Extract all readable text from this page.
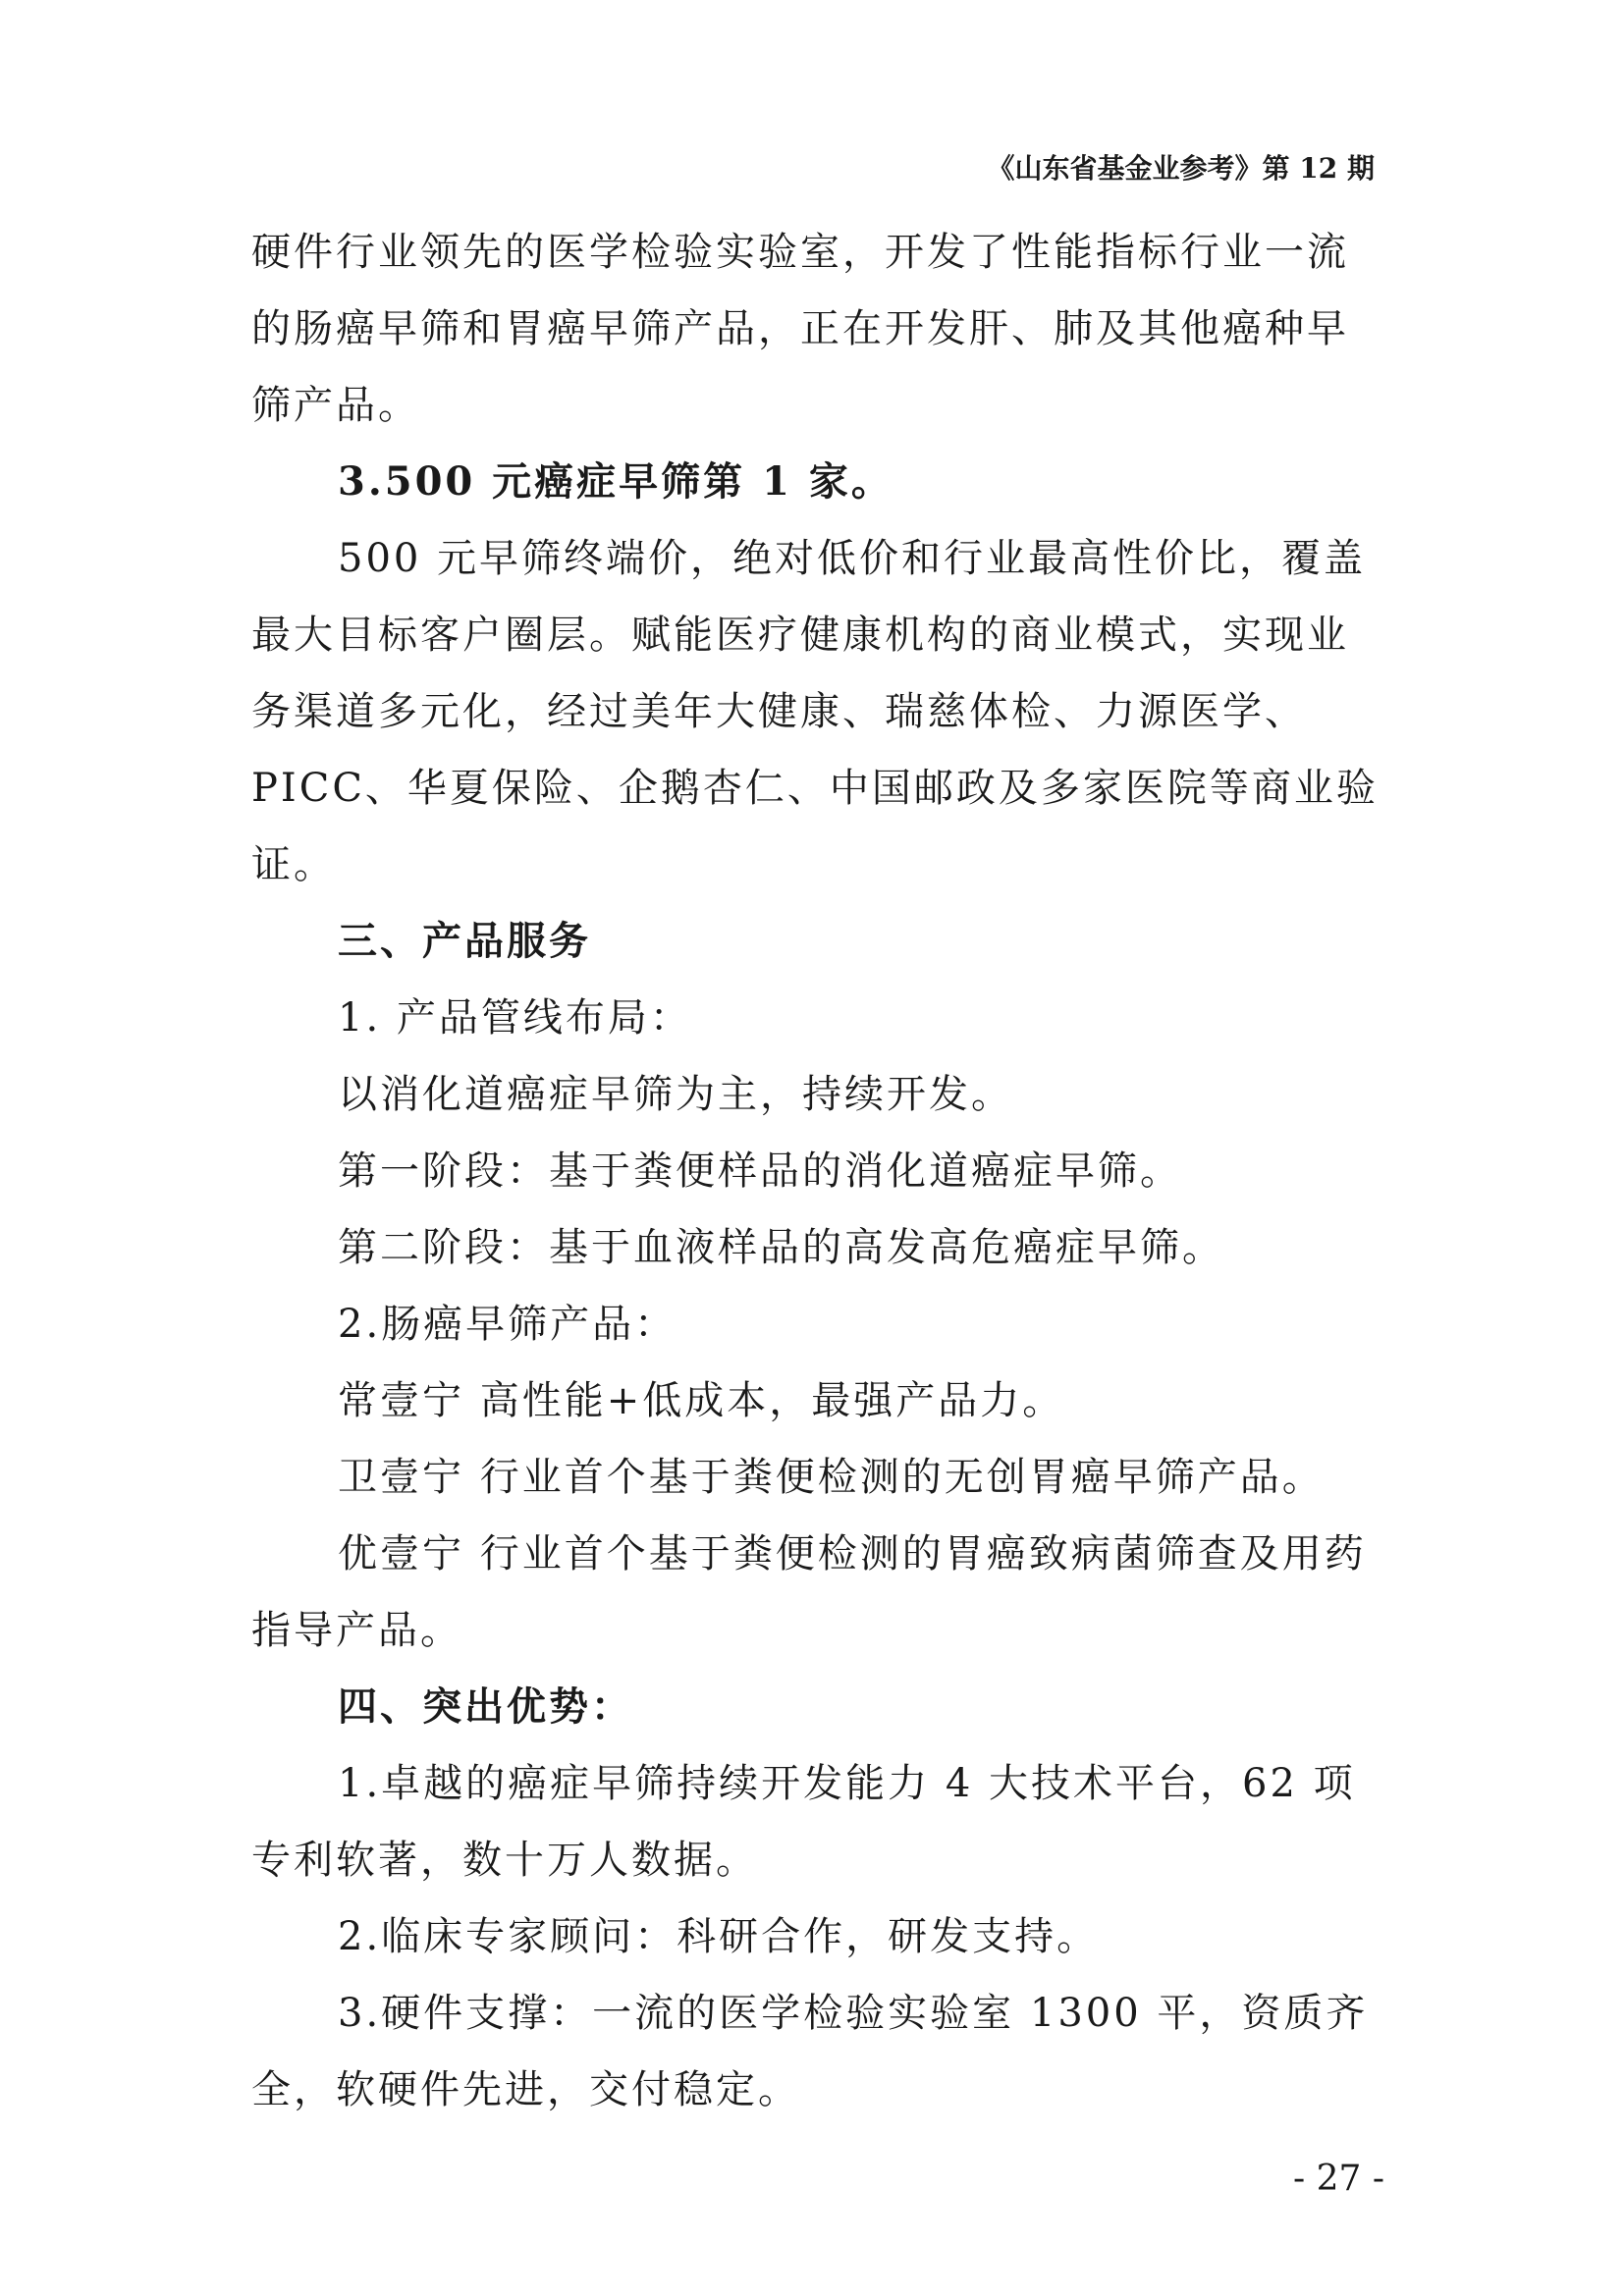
《山东省基金业参考》第 12 期

硬件行业领先的医学检验实验室，开发了性能指标行业一流的肠癌早筛和胃癌早筛产品，正在开发肝、肺及其他癌种早筛产品。

3.500 元癌症早筛第 1 家。

500 元早筛终端价，绝对低价和行业最高性价比，覆盖最大目标客户圈层。赋能医疗健康机构的商业模式，实现业务渠道多元化，经过美年大健康、瑞慈体检、力源医学、PICC、华夏保险、企鹅杏仁、中国邮政及多家医院等商业验证。

三、产品服务

1. 产品管线布局：

以消化道癌症早筛为主，持续开发。

第一阶段：基于粪便样品的消化道癌症早筛。

第二阶段：基于血液样品的高发高危癌症早筛。

2.肠癌早筛产品：

常壹宁 高性能+低成本，最强产品力。

卫壹宁 行业首个基于粪便检测的无创胃癌早筛产品。

优壹宁 行业首个基于粪便检测的胃癌致病菌筛查及用药指导产品。

四、突出优势：

1.卓越的癌症早筛持续开发能力 4 大技术平台，62 项专利软著，数十万人数据。

2.临床专家顾问：科研合作，研发支持。

3.硬件支撑：一流的医学检验实验室 1300 平，资质齐全，软硬件先进，交付稳定。

- 27 -
